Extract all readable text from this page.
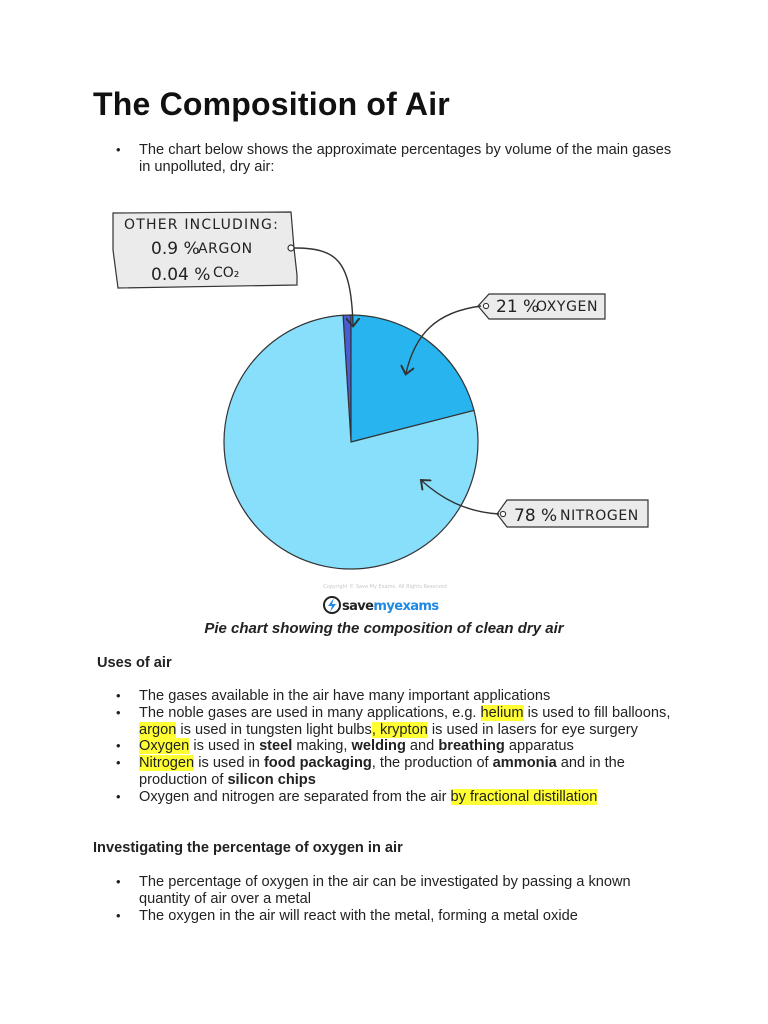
The Composition of Air
• The chart below shows the approximate percentages by volume of the main gases in unpolluted, dry air:
OTHER INCLUDING:
0.9 %
ARGON
0.04 % CO₂
21 %
OXYGEN
78 % NITROGEN
Copyright © Save My Exams. All Rights Reserved
savemyexams
Pie chart showing the composition of clean dry air
Uses of air
• The gases available in the air have many important applications
• The noble gases are used in many applications, e.g. helium is used to fill balloons, argon is used in tungsten light bulbs, krypton is used in lasers for eye surgery
• Oxygen is used in steel making, welding and breathing apparatus
• Nitrogen is used in food packaging, the production of ammonia and in the production of silicon chips
• Oxygen and nitrogen are separated from the air by fractional distillation
Investigating the percentage of oxygen in air
• The percentage of oxygen in the air can be investigated by passing a known quantity of air over a metal
• The oxygen in the air will react with the metal, forming a metal oxide
